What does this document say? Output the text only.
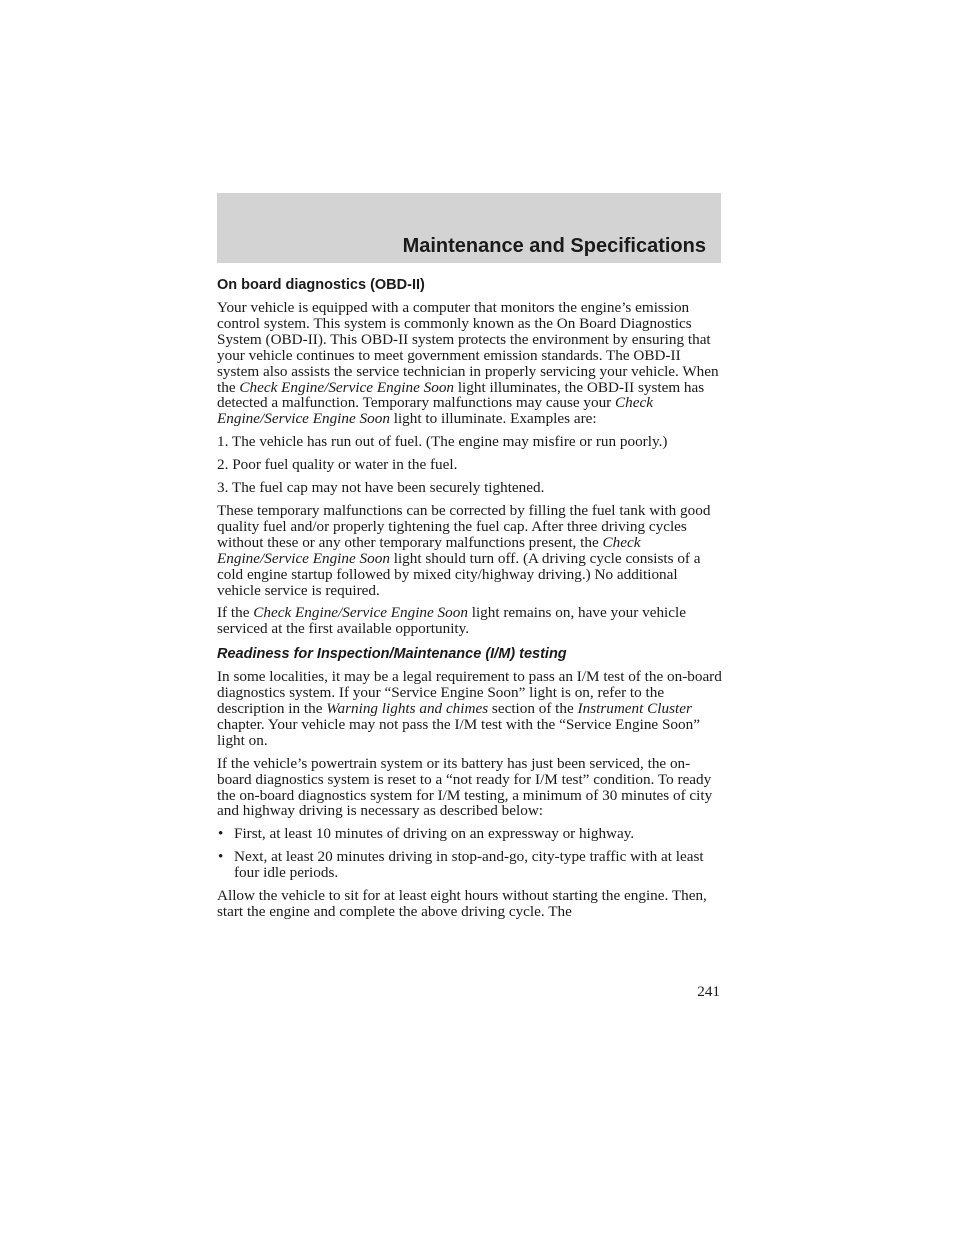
Maintenance and Specifications
On board diagnostics (OBD-II)

Your vehicle is equipped with a computer that monitors the engine’s emission control system. This system is commonly known as the On Board Diagnostics System (OBD-II). This OBD-II system protects the environment by ensuring that your vehicle continues to meet government emission standards. The OBD-II system also assists the service technician in properly servicing your vehicle. When the Check Engine/Service Engine Soon light illuminates, the OBD-II system has detected a malfunction. Temporary malfunctions may cause your Check Engine/Service Engine Soon light to illuminate. Examples are:

1. The vehicle has run out of fuel. (The engine may misfire or run poorly.)

2. Poor fuel quality or water in the fuel.

3. The fuel cap may not have been securely tightened.

These temporary malfunctions can be corrected by filling the fuel tank with good quality fuel and/or properly tightening the fuel cap. After three driving cycles without these or any other temporary malfunctions present, the Check Engine/Service Engine Soon light should turn off. (A driving cycle consists of a cold engine startup followed by mixed city/highway driving.) No additional vehicle service is required.

If the Check Engine/Service Engine Soon light remains on, have your vehicle serviced at the first available opportunity.

Readiness for Inspection/Maintenance (I/M) testing

In some localities, it may be a legal requirement to pass an I/M test of the on-board diagnostics system. If your “Service Engine Soon” light is on, refer to the description in the Warning lights and chimes section of the Instrument Cluster chapter. Your vehicle may not pass the I/M test with the “Service Engine Soon” light on.

If the vehicle’s powertrain system or its battery has just been serviced, the on-board diagnostics system is reset to a “not ready for I/M test” condition. To ready the on-board diagnostics system for I/M testing, a minimum of 30 minutes of city and highway driving is necessary as described below:

• First, at least 10 minutes of driving on an expressway or highway.
• Next, at least 20 minutes driving in stop-and-go, city-type traffic with at least four idle periods.

Allow the vehicle to sit for at least eight hours without starting the engine. Then, start the engine and complete the above driving cycle. The

241
